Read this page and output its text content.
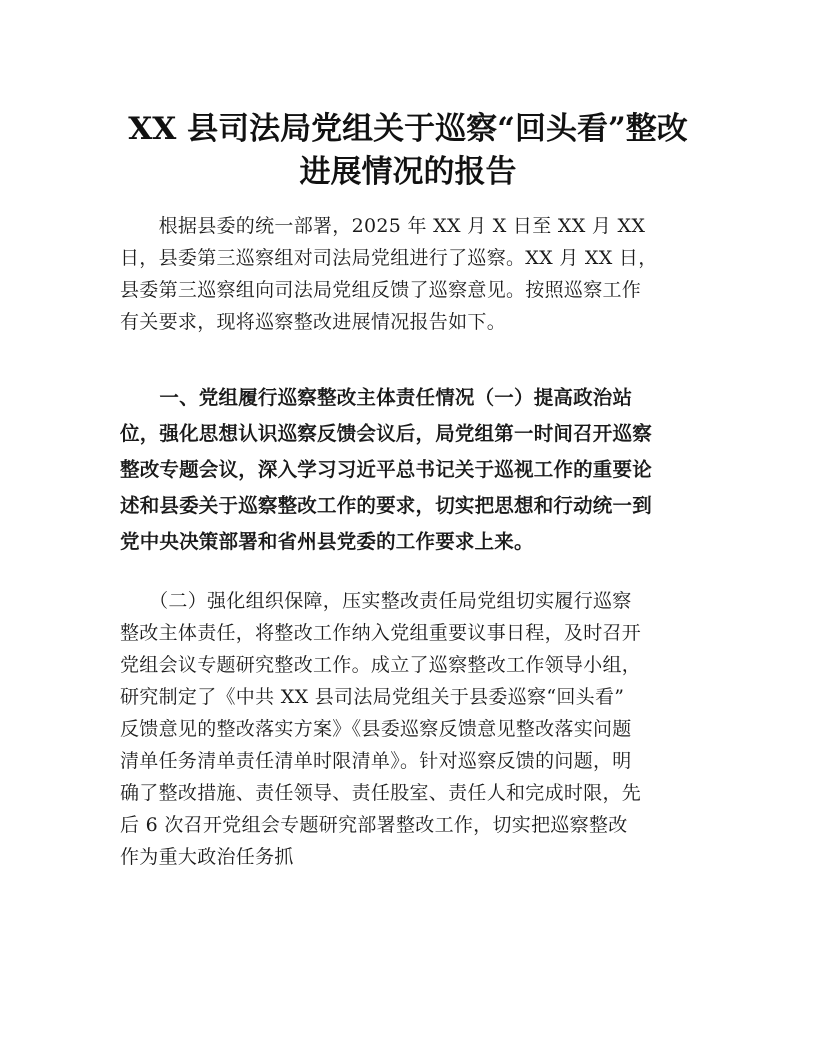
XX 县司法局党组关于巡察“回头看”整改
进展情况的报告
　　根据县委的统一部署，2025 年 XX 月 X 日至 XX 月 XX
日，县委第三巡察组对司法局党组进行了巡察。XX 月 XX 日，
县委第三巡察组向司法局党组反馈了巡察意见。按照巡察工作
有关要求，现将巡察整改进展情况报告如下。
　　一、党组履行巡察整改主体责任情况（一）提高政治站
位，强化思想认识巡察反馈会议后，局党组第一时间召开巡察
整改专题会议，深入学习习近平总书记关于巡视工作的重要论
述和县委关于巡察整改工作的要求，切实把思想和行动统一到
党中央决策部署和省州县党委的工作要求上来。
　　（二）强化组织保障，压实整改责任局党组切实履行巡察
整改主体责任，将整改工作纳入党组重要议事日程，及时召开
党组会议专题研究整改工作。成立了巡察整改工作领导小组，
研究制定了《中共 XX 县司法局党组关于县委巡察“回头看”
反馈意见的整改落实方案》《县委巡察反馈意见整改落实问题
清单任务清单责任清单时限清单》。针对巡察反馈的问题，明
确了整改措施、责任领导、责任股室、责任人和完成时限，先
后 6 次召开党组会专题研究部署整改工作，切实把巡察整改
作为重大政治任务抓
